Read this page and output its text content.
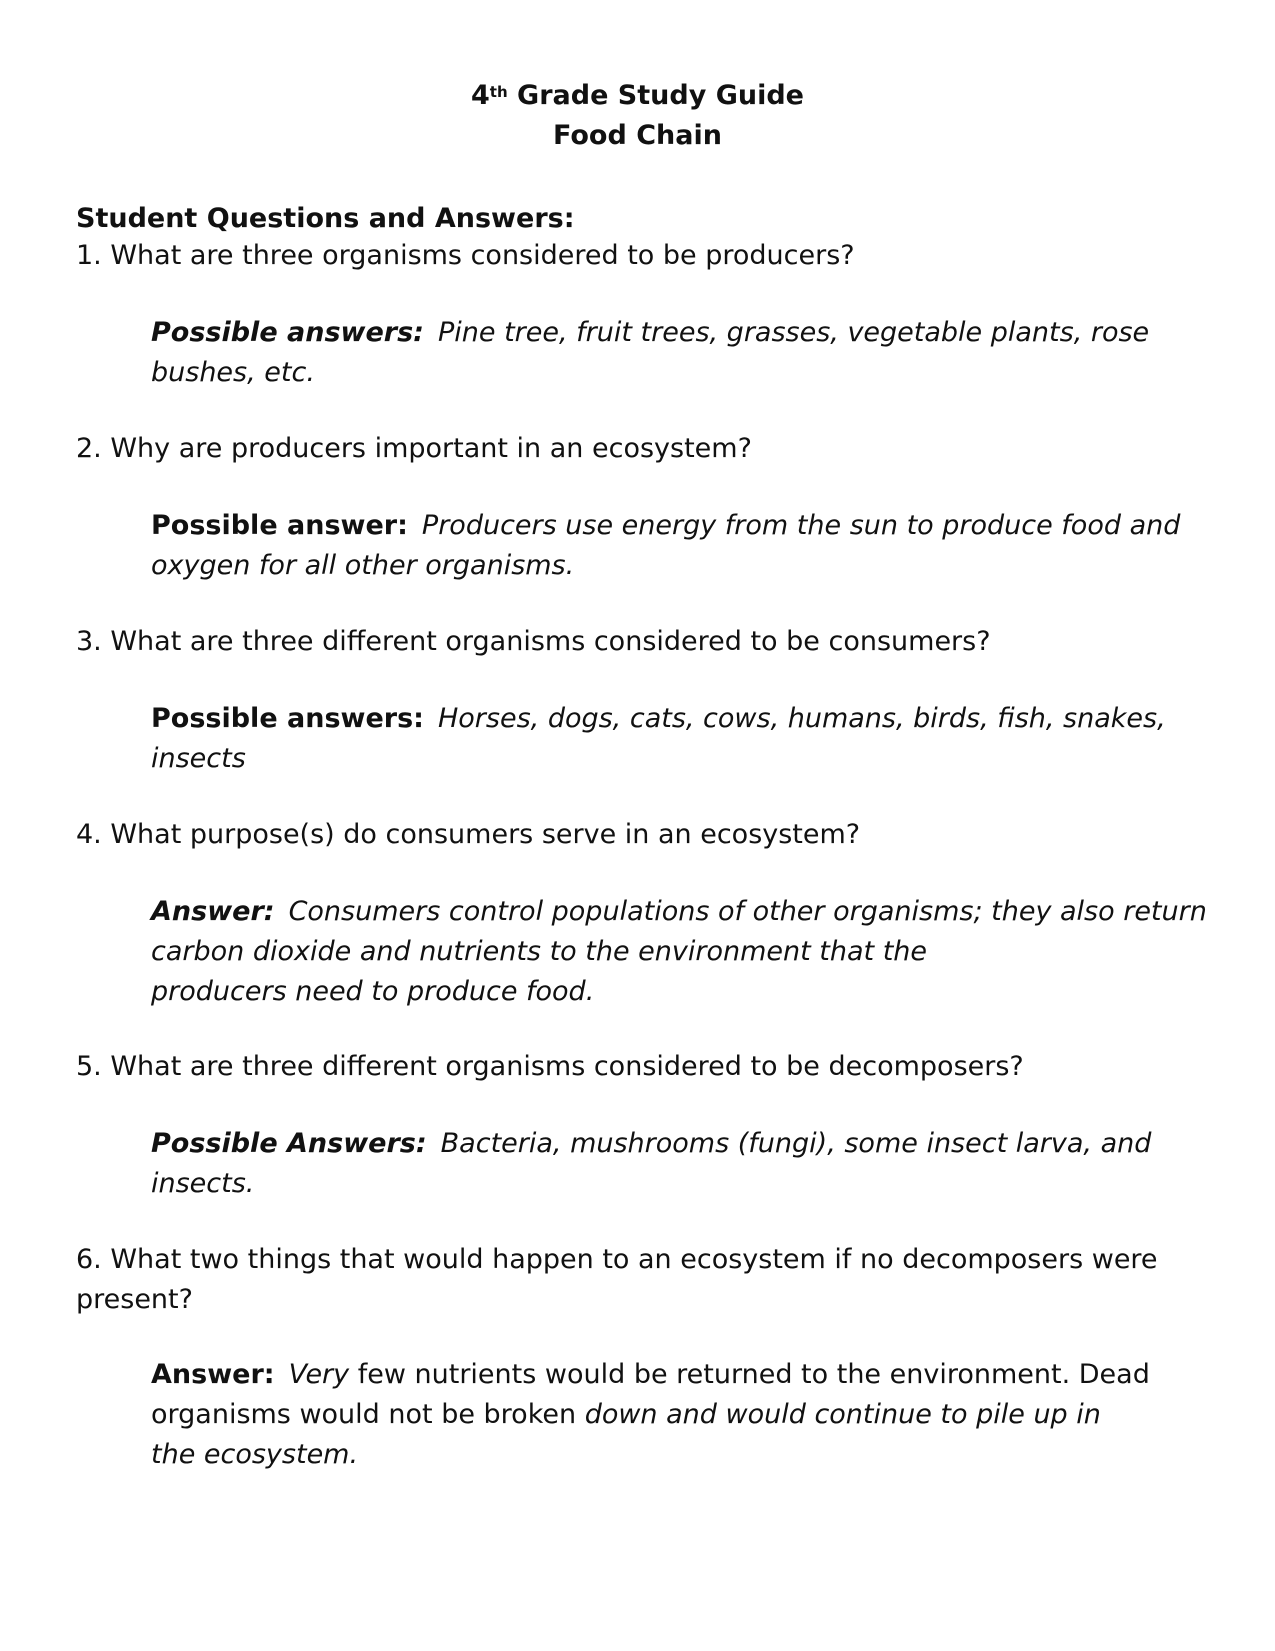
4th Grade Study Guide
Food Chain
Student Questions and Answers:
1. What are three organisms considered to be producers?
Possible answers: Pine tree, fruit trees, grasses, vegetable plants, rose bushes, etc.
2. Why are producers important in an ecosystem?
Possible answer: Producers use energy from the sun to produce food and oxygen for all other organisms.
3. What are three different organisms considered to be consumers?
Possible answers: Horses, dogs, cats, cows, humans, birds, fish, snakes, insects
4. What purpose(s) do consumers serve in an ecosystem?
Answer: Consumers control populations of other organisms; they also return
carbon dioxide and nutrients to the environment that the
producers need to produce food.
5. What are three different organisms considered to be decomposers?
Possible Answers: Bacteria, mushrooms (fungi), some insect larva, and insects.
6. What two things that would happen to an ecosystem if no decomposers were present?
Answer: Very few nutrients would be returned to the environment. Dead organisms would not be broken down and would continue to pile up in the ecosystem.
